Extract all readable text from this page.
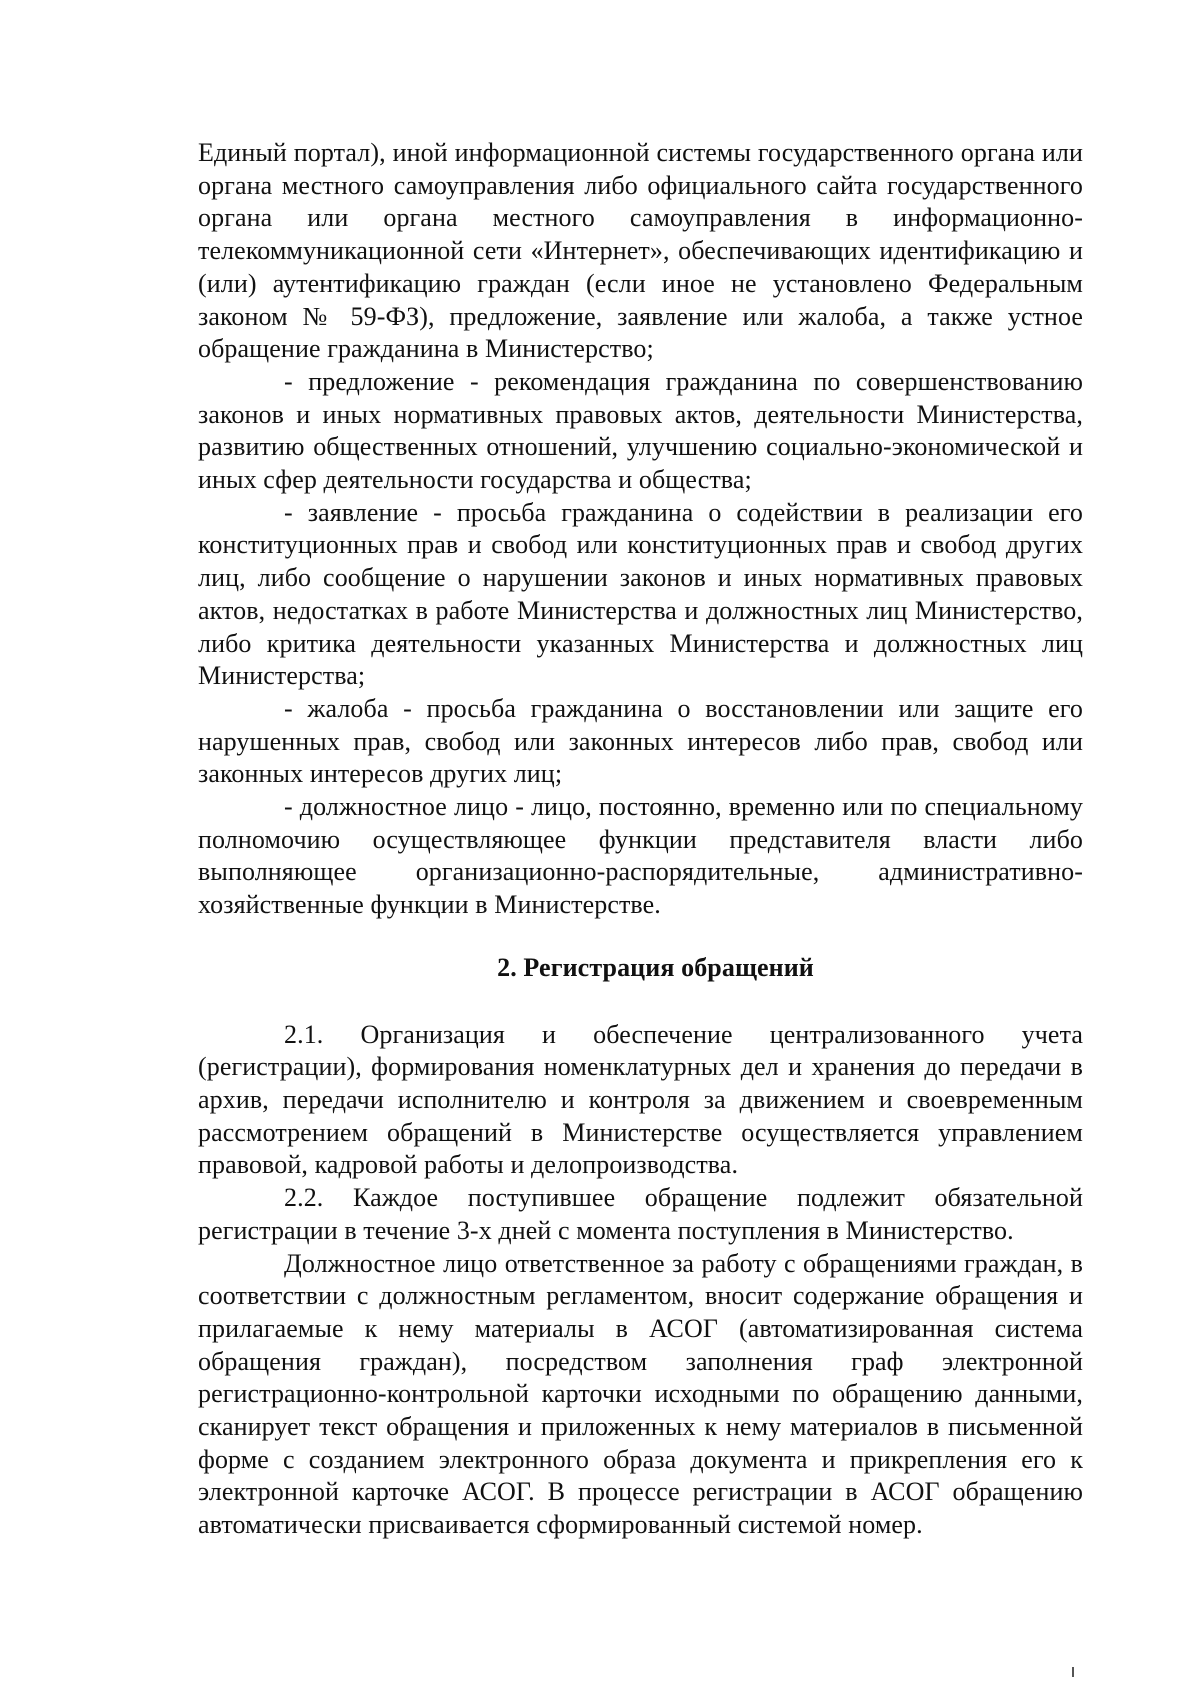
Единый портал), иной информационной системы государственного органа или органа местного самоуправления либо официального сайта государственного органа или органа местного самоуправления в информационно-телекоммуникационной сети «Интернет», обеспечивающих идентификацию и (или) аутентификацию граждан (если иное не установлено Федеральным законом № 59-ФЗ), предложение, заявление или жалоба, а также устное обращение гражданина в Министерство;

- предложение - рекомендация гражданина по совершенствованию законов и иных нормативных правовых актов, деятельности Министерства, развитию общественных отношений, улучшению социально-экономической и иных сфер деятельности государства и общества;

- заявление - просьба гражданина о содействии в реализации его конституционных прав и свобод или конституционных прав и свобод других лиц, либо сообщение о нарушении законов и иных нормативных правовых актов, недостатках в работе Министерства и должностных лиц Министерство, либо критика деятельности указанных Министерства и должностных лиц Министерства;

- жалоба - просьба гражданина о восстановлении или защите его нарушенных прав, свобод или законных интересов либо прав, свобод или законных интересов других лиц;

- должностное лицо - лицо, постоянно, временно или по специальному полномочию осуществляющее функции представителя власти либо выполняющее организационно-распорядительные, административно-хозяйственные функции в Министерстве.

2. Регистрация обращений

2.1. Организация и обеспечение централизованного учета (регистрации), формирования номенклатурных дел и хранения до передачи в архив, передачи исполнителю и контроля за движением и своевременным рассмотрением обращений в Министерстве осуществляется управлением правовой, кадровой работы и делопроизводства.

2.2. Каждое поступившее обращение подлежит обязательной регистрации в течение 3-х дней с момента поступления в Министерство.

Должностное лицо ответственное за работу с обращениями граждан, в соответствии с должностным регламентом, вносит содержание обращения и прилагаемые к нему материалы в АСОГ (автоматизированная система обращения граждан), посредством заполнения граф электронной регистрационно-контрольной карточки исходными по обращению данными, сканирует текст обращения и приложенных к нему материалов в письменной форме с созданием электронного образа документа и прикрепления его к электронной карточке АСОГ. В процессе регистрации в АСОГ обращению автоматически присваивается сформированный системой номер.
